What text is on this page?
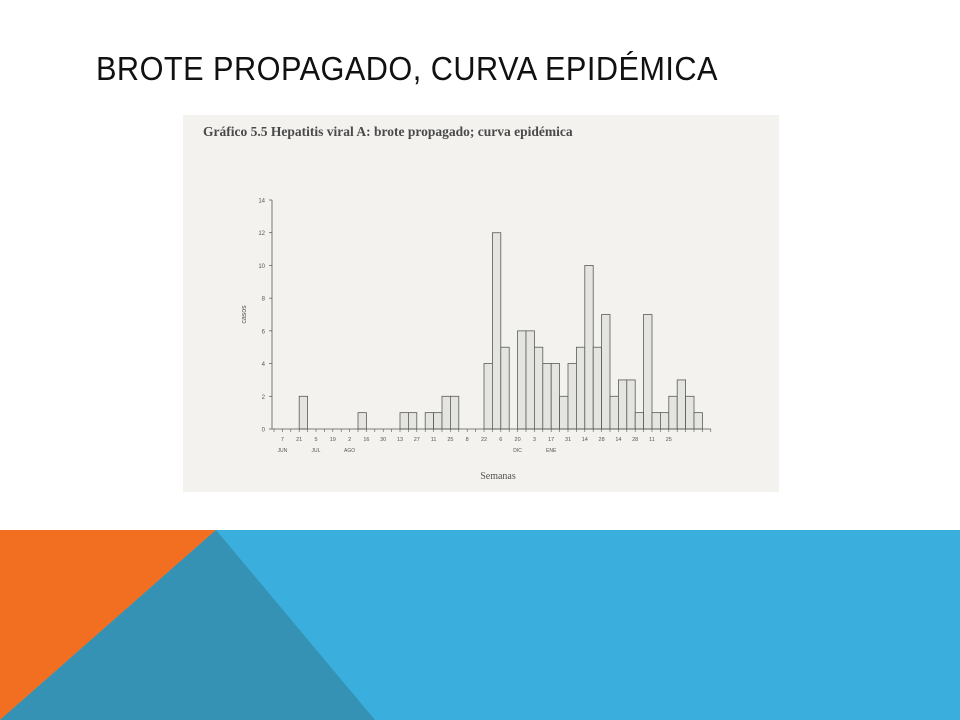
BROTE PROPAGADO, CURVA EPIDÉMICA
Gráfico 5.5 Hepatitis viral A: brote propagado; curva epidémica
0
2
4
6
8
10
12
14
7 21 5 19 2 16 30 13 27 11 25 8 22 6 20 3 17 31 14 28 14 28 11 25
JUN	JUL	AGO	DIC	ENE
casos
Semanas
